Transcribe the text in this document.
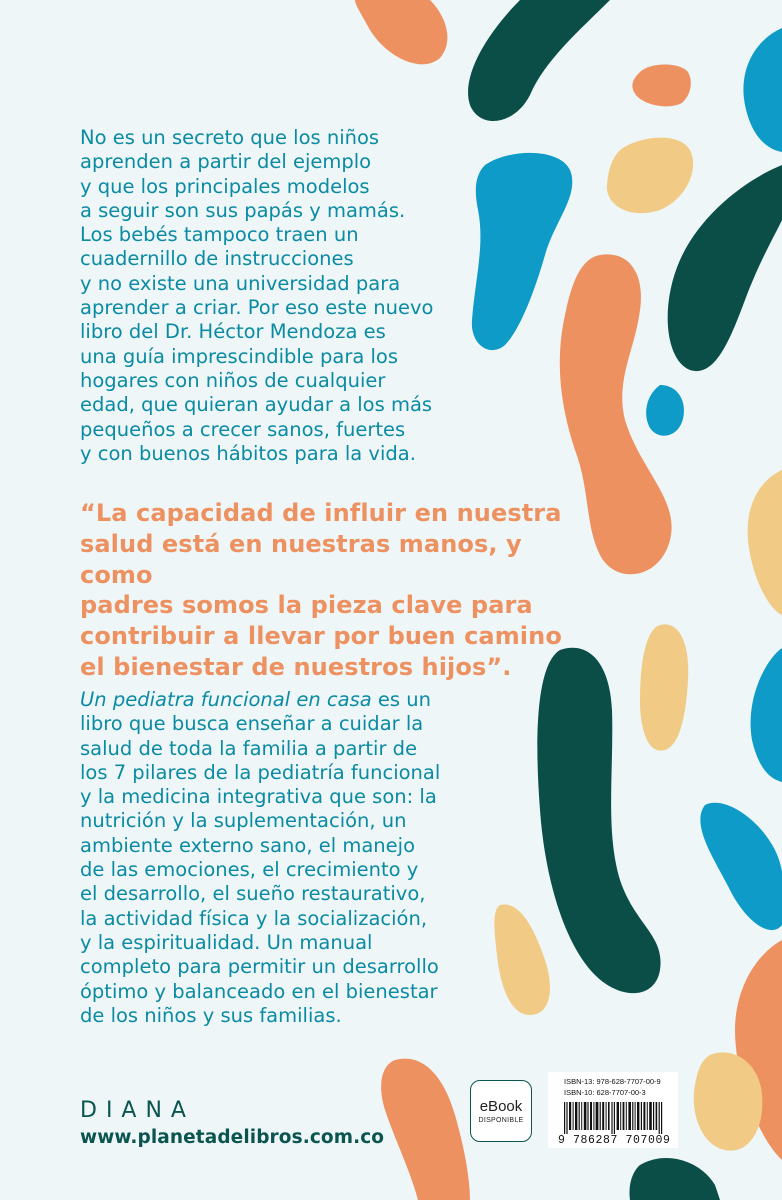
No es un secreto que los niños
aprenden a partir del ejemplo
y que los principales modelos
a seguir son sus papás y mamás.
Los bebés tampoco traen un
cuadernillo de instrucciones
y no existe una universidad para
aprender a criar. Por eso este nuevo
libro del Dr. Héctor Mendoza es
una guía imprescindible para los
hogares con niños de cualquier
edad, que quieran ayudar a los más
pequeños a crecer sanos, fuertes
y con buenos hábitos para la vida.
“La capacidad de influir en nuestra
salud está en nuestras manos, y como
padres somos la pieza clave para
contribuir a llevar por buen camino
el bienestar de nuestros hijos”.
Un pediatra funcional en casa es un
libro que busca enseñar a cuidar la
salud de toda la familia a partir de
los 7 pilares de la pediatría funcional
y la medicina integrativa que son: la
nutrición y la suplementación, un
ambiente externo sano, el manejo
de las emociones, el crecimiento y
el desarrollo, el sueño restaurativo,
la actividad física y la socialización,
y la espiritualidad. Un manual
completo para permitir un desarrollo
óptimo y balanceado en el bienestar
de los niños y sus familias.
DIANA
www.planetadelibros.com.co
eBook
DISPONIBLE
ISBN-13: 978-628-7707-00-9
ISBN-10: 628-7707-00-3
9 786287 707009
